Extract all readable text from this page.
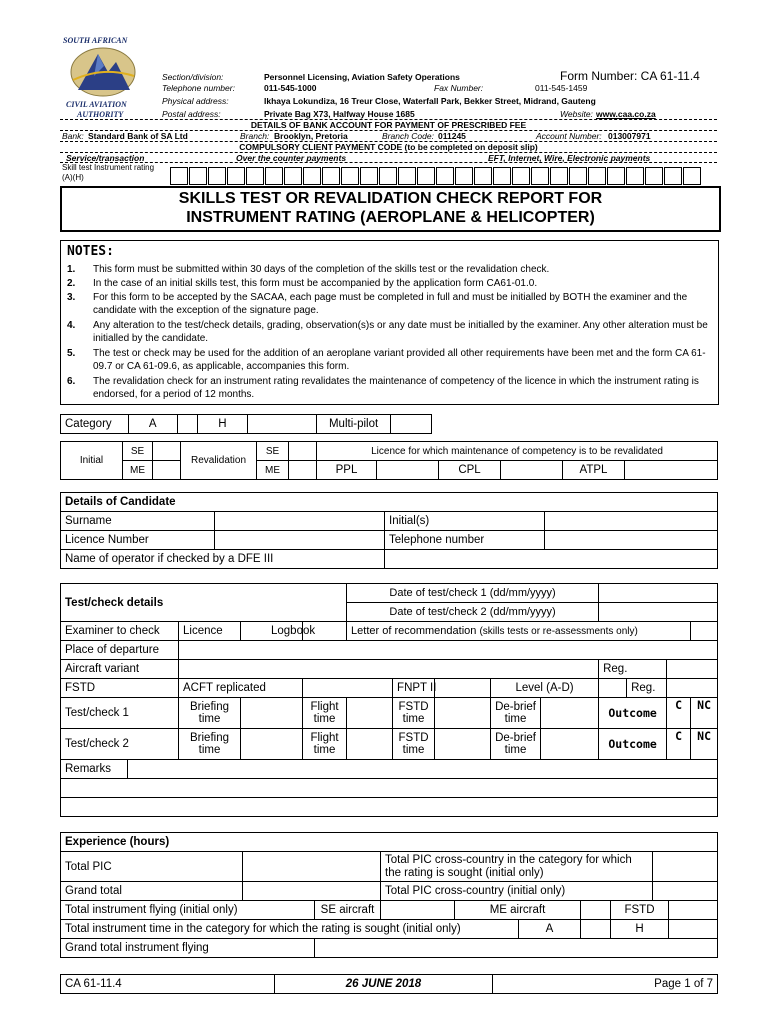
SOUTH AFRICAN
CIVIL AVIATION
AUTHORITY
Section/division:	Personnel Licensing, Aviation Safety Operations	Form Number: CA 61-11.4
Telephone number:	011-545-1000	Fax Number:	011-545-1459
Physical address:	Ikhaya Lokundiza, 16 Treur Close, Waterfall Park, Bekker Street, Midrand, Gauteng
Postal address:	Private Bag X73, Halfway House 1685	Website: www.caa.co.za
DETAILS OF BANK ACCOUNT FOR PAYMENT OF PRESCRIBED FEE
Bank: Standard Bank of SA Ltd	Branch: Brooklyn, Pretoria	Branch Code: 011245	Account Number: 013007971
COMPULSORY CLIENT PAYMENT CODE (to be completed on deposit slip)
Service/transaction	Over the counter payments	EFT, Internet, Wire, Electronic payments
Skill test Instrument rating (A)(H)
SKILLS TEST OR REVALIDATION CHECK REPORT FOR
INSTRUMENT RATING (AEROPLANE & HELICOPTER)
NOTES:
1. This form must be submitted within 30 days of the completion of the skills test or the revalidation check.
2. In the case of an initial skills test, this form must be accompanied by the application form CA61-01.0.
3. For this form to be accepted by the SACAA, each page must be completed in full and must be initialled by BOTH the examiner and the candidate with the exception of the signature page.
4. Any alteration to the test/check details, grading, observation(s)s or any date must be initialled by the examiner. Any other alteration must be initialled by the candidate.
5. The test or check may be used for the addition of an aeroplane variant provided all other requirements have been met and the form CA 61-09.7 or CA 61-09.6, as applicable, accompanies this form.
6. The revalidation check for an instrument rating revalidates the maintenance of competency of the licence in which the instrument rating is endorsed, for a period of 12 months.
Category	A		H		Multi-pilot	
Initial	SE		Revalidation	SE		Licence for which maintenance of competency is to be revalidated					
	ME			ME		PPL		CPL		ATPL	
Details of Candidate			
Surname		Initial(s)	
Licence Number		Telephone number	
Name of operator if checked by a DFE III			
Test/check details				Date of test/check 1 (dd/mm/yyyy)								
				Date of test/check 2 (dd/mm/yyyy)								
Examiner to check	Licence	Logbook		Letter of recommendation (skills tests or re-assessments only)								
Place of departure												
Aircraft variant									Reg.			
FSTD	ACFT replicated				FNPT II		Level (A-D)			Reg.		
Test/check 1	Briefing time		Flight time		FSTD time		De-brief time		Outcome		C	NC
Test/check 2	Briefing time		Flight time		FSTD time		De-brief time		Outcome		C	NC

Remarks												

Experience (hours)									
Total PIC			Total PIC cross-country in the category for which the rating is sought (initial only)						
Grand total			Total PIC cross-country (initial only)						
Total instrument flying (initial only)		SE aircraft		ME aircraft			FSTD		
Total instrument time in the category for which the rating is sought (initial only)					A		H		
Grand total instrument flying									
CA 61-11.4	26 JUNE 2018	Page 1 of 7
